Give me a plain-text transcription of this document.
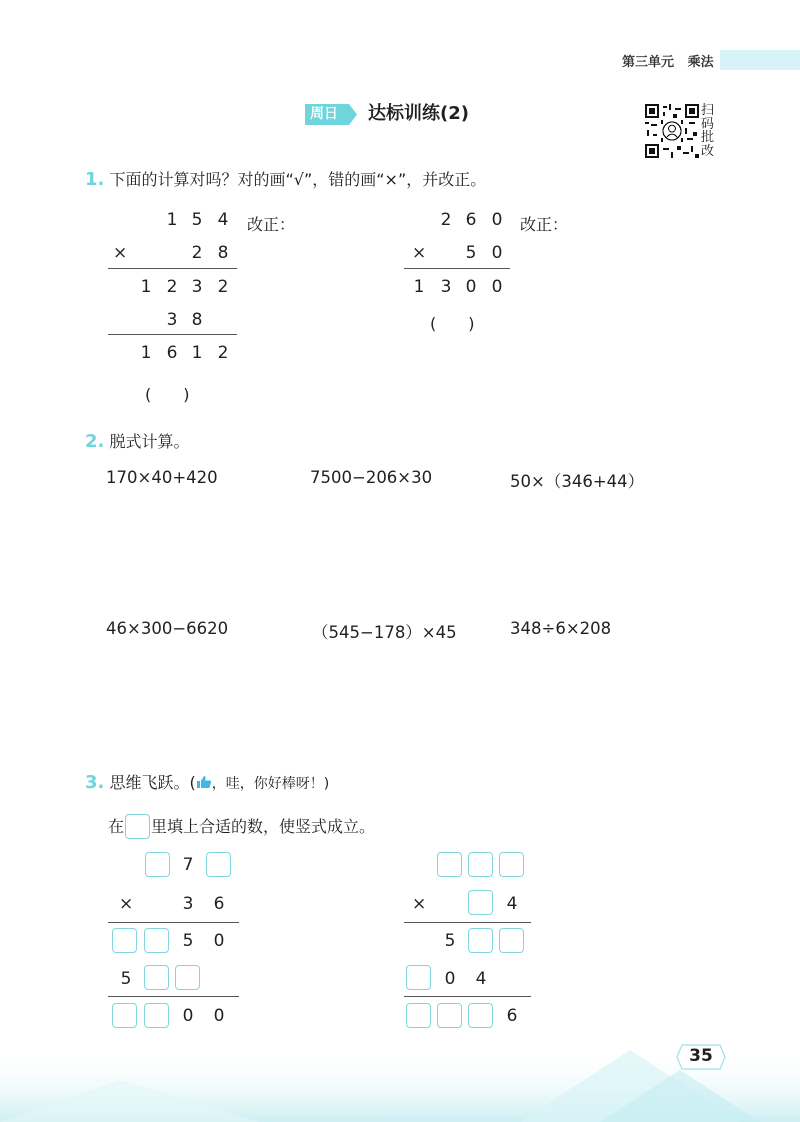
第三单元 乘法
周日 达标训练(2)	扫码批改
1. 下面的计算对吗？对的画“√”，错的画“×”，并改正。
1 5 4
×	2 8
1 2 3 2
3 8
1 6 1 2
(　　)
改正：	2 6 0
× 5 0
1 3 0 0
(　　)
改正：
2. 脱式计算。
170×40+420	7500−206×30	50×（346+44）
46×300−6620	（545−178）×45	348÷6×208
3. 思维飞跃。( ，哇，你好棒呀！)
在 里填上合适的数，使竖式成立。
7
×	3 6
5 0
5
0 0
×	4
5
0 4
6
35
